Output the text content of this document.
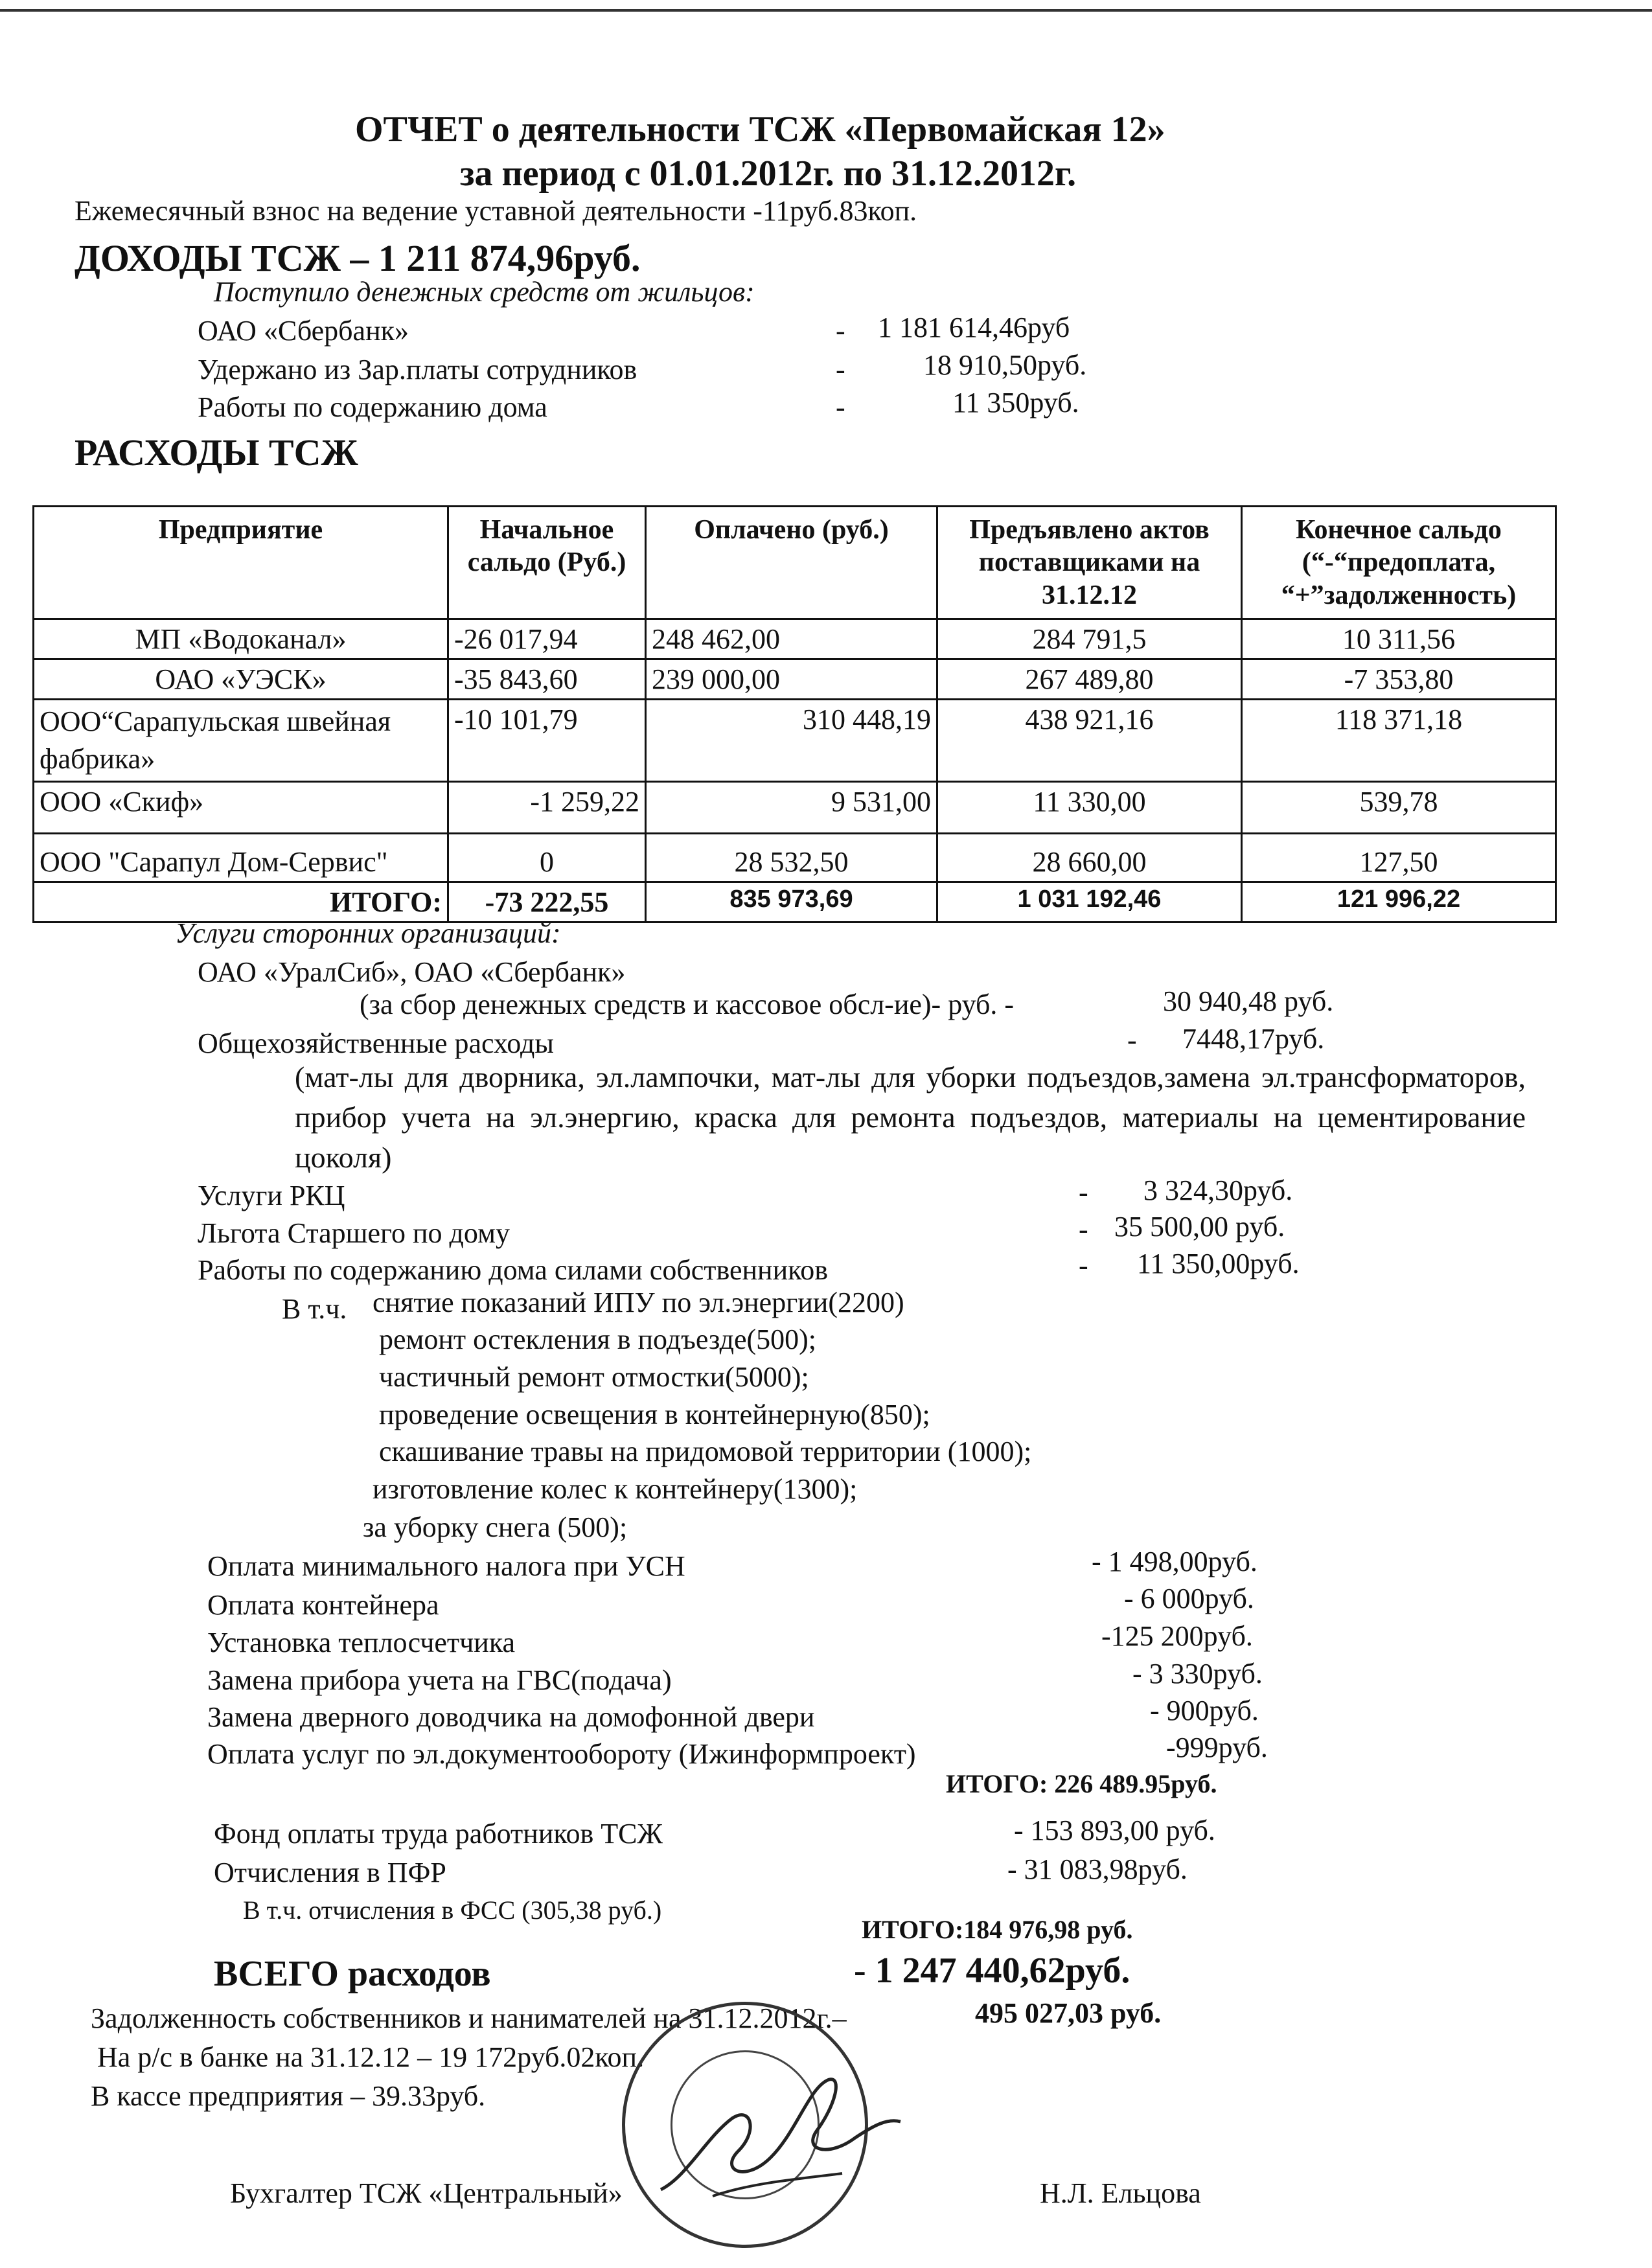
ОТЧЕТ о деятельности ТСЖ «Первомайская 12»
за период с 01.01.2012г. по 31.12.2012г.
Ежемесячный взнос на ведение уставной деятельности -11руб.83коп.
ДОХОДЫ ТСЖ – 1 211 874,96руб.
Поступило денежных средств от жильцов:
ОАО «Сбербанк»	- 1 181 614,46руб
Удержано из Зар.платы сотрудников	-	18 910,50руб.
Работы по содержанию дома	-	11 350руб.
РАСХОДЫ ТСЖ
Предприятие	Начальное сальдо (Руб.)	Оплачено (руб.)	Предъявлено актов поставщиками на 31.12.12	Конечное сальдо (“-“предоплата, “+”задолженность)
МП «Водоканал»	-26 017,94	248 462,00	284 791,5	10 311,56
ОАО «УЭСК»	-35 843,60	239 000,00	267 489,80	-7 353,80
ООО“Сарапульская швейная фабрика»	-10 101,79	310 448,19	438 921,16	118 371,18
ООО «Скиф»	-1 259,22	9 531,00	11 330,00	539,78
ООО "Сарапул Дом-Сервис"	0	28 532,50	28 660,00	127,50
ИТОГО:	-73 222,55	835 973,69	1 031 192,46	121 996,22
Услуги сторонних организаций:
ОАО «УралСиб», ОАО «Сбербанк»
(за сбор денежных средств и кассовое обсл-ие)- руб. -	30 940,48 руб.
Общехозяйственные расходы	- 7448,17руб.
(мат-лы для дворника, эл.лампочки, мат-лы для уборки подъездов,замена эл.трансформаторов, прибор учета на эл.энергию, краска для ремонта подъездов, материалы на цементирование цоколя)
Услуги РКЦ	- 3 324,30руб.
Льгота Старшего по дому	- 35 500,00 руб.
Работы по содержанию дома силами собственников	- 11 350,00руб.
В т.ч. снятие показаний ИПУ по эл.энергии(2200)
ремонт остекления в подъезде(500);
частичный ремонт отмостки(5000);
проведение освещения в контейнерную(850);
скашивание травы на придомовой территории (1000);
изготовление колес к контейнеру(1300);
за уборку снега (500);
Оплата минимального налога при УСН	- 1 498,00руб.
Оплата контейнера	- 6 000руб.
Установка теплосчетчика	-125 200руб.
Замена прибора учета на ГВС(подача)	- 3 330руб.
Замена дверного доводчика на домофонной двери	- 900руб.
Оплата услуг по эл.документообороту (Ижинформпроект)	-999руб.
ИТОГО: 226 489.95руб.
Фонд оплаты труда работников ТСЖ	- 153 893,00 руб.
Отчисления в ПФР	- 31 083,98руб.
В т.ч. отчисления в ФСС (305,38 руб.)
ИТОГО:184 976,98 руб.
ВСЕГО расходов	- 1 247 440,62руб.
Задолженность собственников и нанимателей на 31.12.2012г.–	495 027,03 руб.
На р/с в банке на 31.12.12 – 19 172руб.02коп.
В кассе предприятия – 39.33руб.
Бухгалтер ТСЖ «Центральный»	Н.Л. Ельцова
